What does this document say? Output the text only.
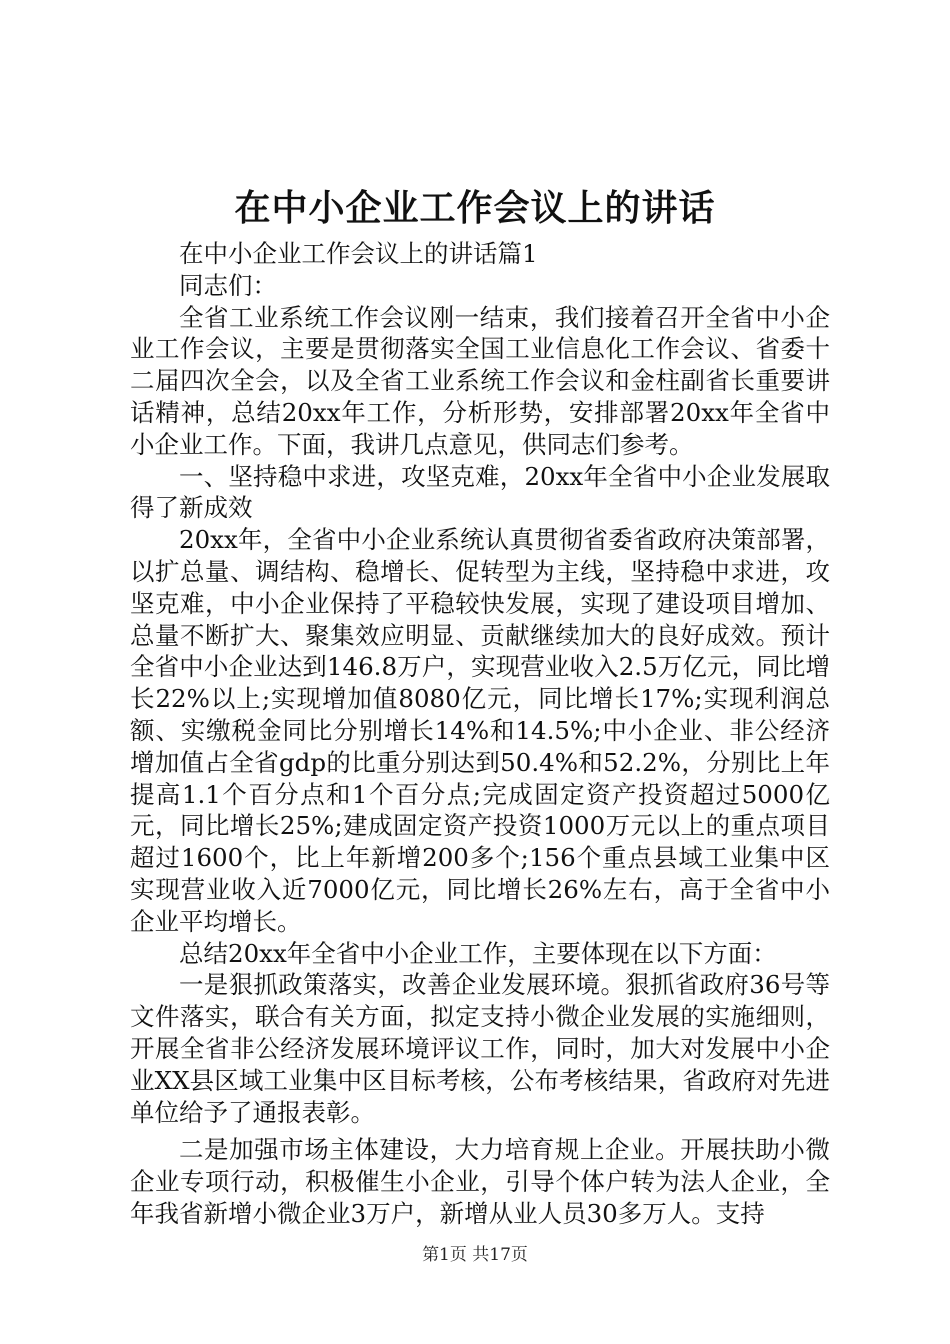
在中小企业工作会议上的讲话

在中小企业工作会议上的讲话篇1

同志们：

全省工业系统工作会议刚一结束，我们接着召开全省中小企业工作会议，主要是贯彻落实全国工业信息化工作会议、省委十二届四次全会，以及全省工业系统工作会议和金柱副省长重要讲话精神，总结20xx年工作，分析形势，安排部署20xx年全省中小企业工作。下面，我讲几点意见，供同志们参考。

一、坚持稳中求进，攻坚克难，20xx年全省中小企业发展取得了新成效

20xx年，全省中小企业系统认真贯彻省委省政府决策部署，以扩总量、调结构、稳增长、促转型为主线，坚持稳中求进，攻坚克难，中小企业保持了平稳较快发展，实现了建设项目增加、总量不断扩大、聚集效应明显、贡献继续加大的良好成效。预计全省中小企业达到146.8万户，实现营业收入2.5万亿元，同比增长22%以上;实现增加值8080亿元，同比增长17%;实现利润总额、实缴税金同比分别增长14%和14.5%;中小企业、非公经济增加值占全省gdp的比重分别达到50.4%和52.2%，分别比上年提高1.1个百分点和1个百分点;完成固定资产投资超过5000亿元，同比增长25%;建成固定资产投资1000万元以上的重点项目超过1600个，比上年新增200多个;156个重点县域工业集中区实现营业收入近7000亿元，同比增长26%左右，高于全省中小企业平均增长。

总结20xx年全省中小企业工作，主要体现在以下方面：

一是狠抓政策落实，改善企业发展环境。狠抓省政府36号等文件落实，联合有关方面，拟定支持小微企业发展的实施细则，开展全省非公经济发展环境评议工作，同时，加大对发展中小企业XX县区域工业集中区目标考核，公布考核结果，省政府对先进单位给予了通报表彰。

二是加强市场主体建设，大力培育规上企业。开展扶助小微企业专项行动，积极催生小企业，引导个体户转为法人企业，全年我省新增小微企业3万户，新增从业人员30多万人。支持

第1页 共17页
